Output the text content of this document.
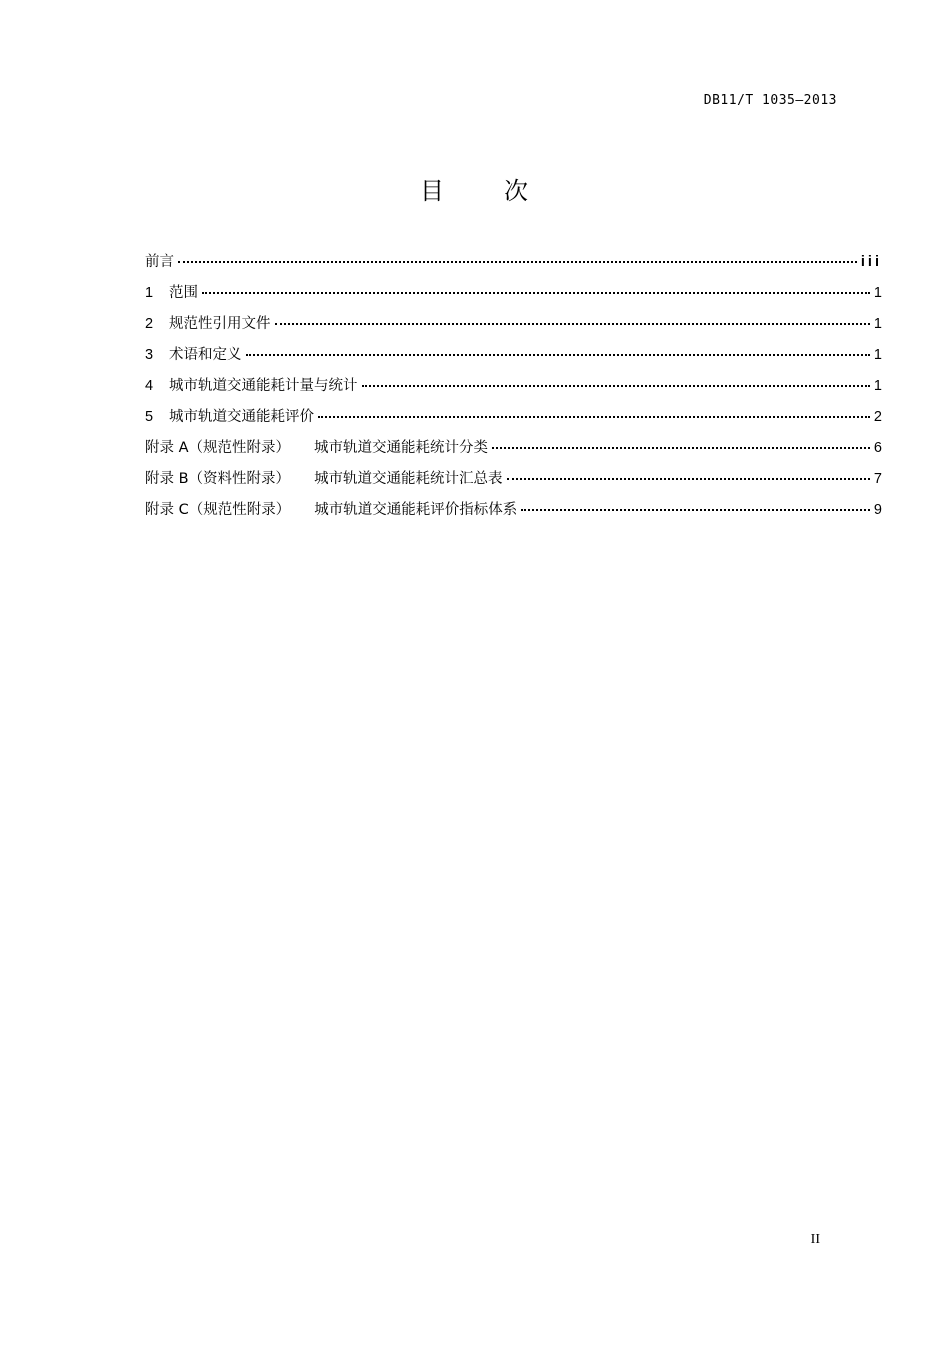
DB11/T 1035—2013
目 次
前言	iii
1	范围	1
2	规范性引用文件	1
3	术语和定义	1
4	城市轨道交通能耗计量与统计	1
5	城市轨道交通能耗评价	2
附录 A（规范性附录） 城市轨道交通能耗统计分类	6
附录 B（资料性附录） 城市轨道交通能耗统计汇总表	7
附录 C（规范性附录） 城市轨道交通能耗评价指标体系	9
II
